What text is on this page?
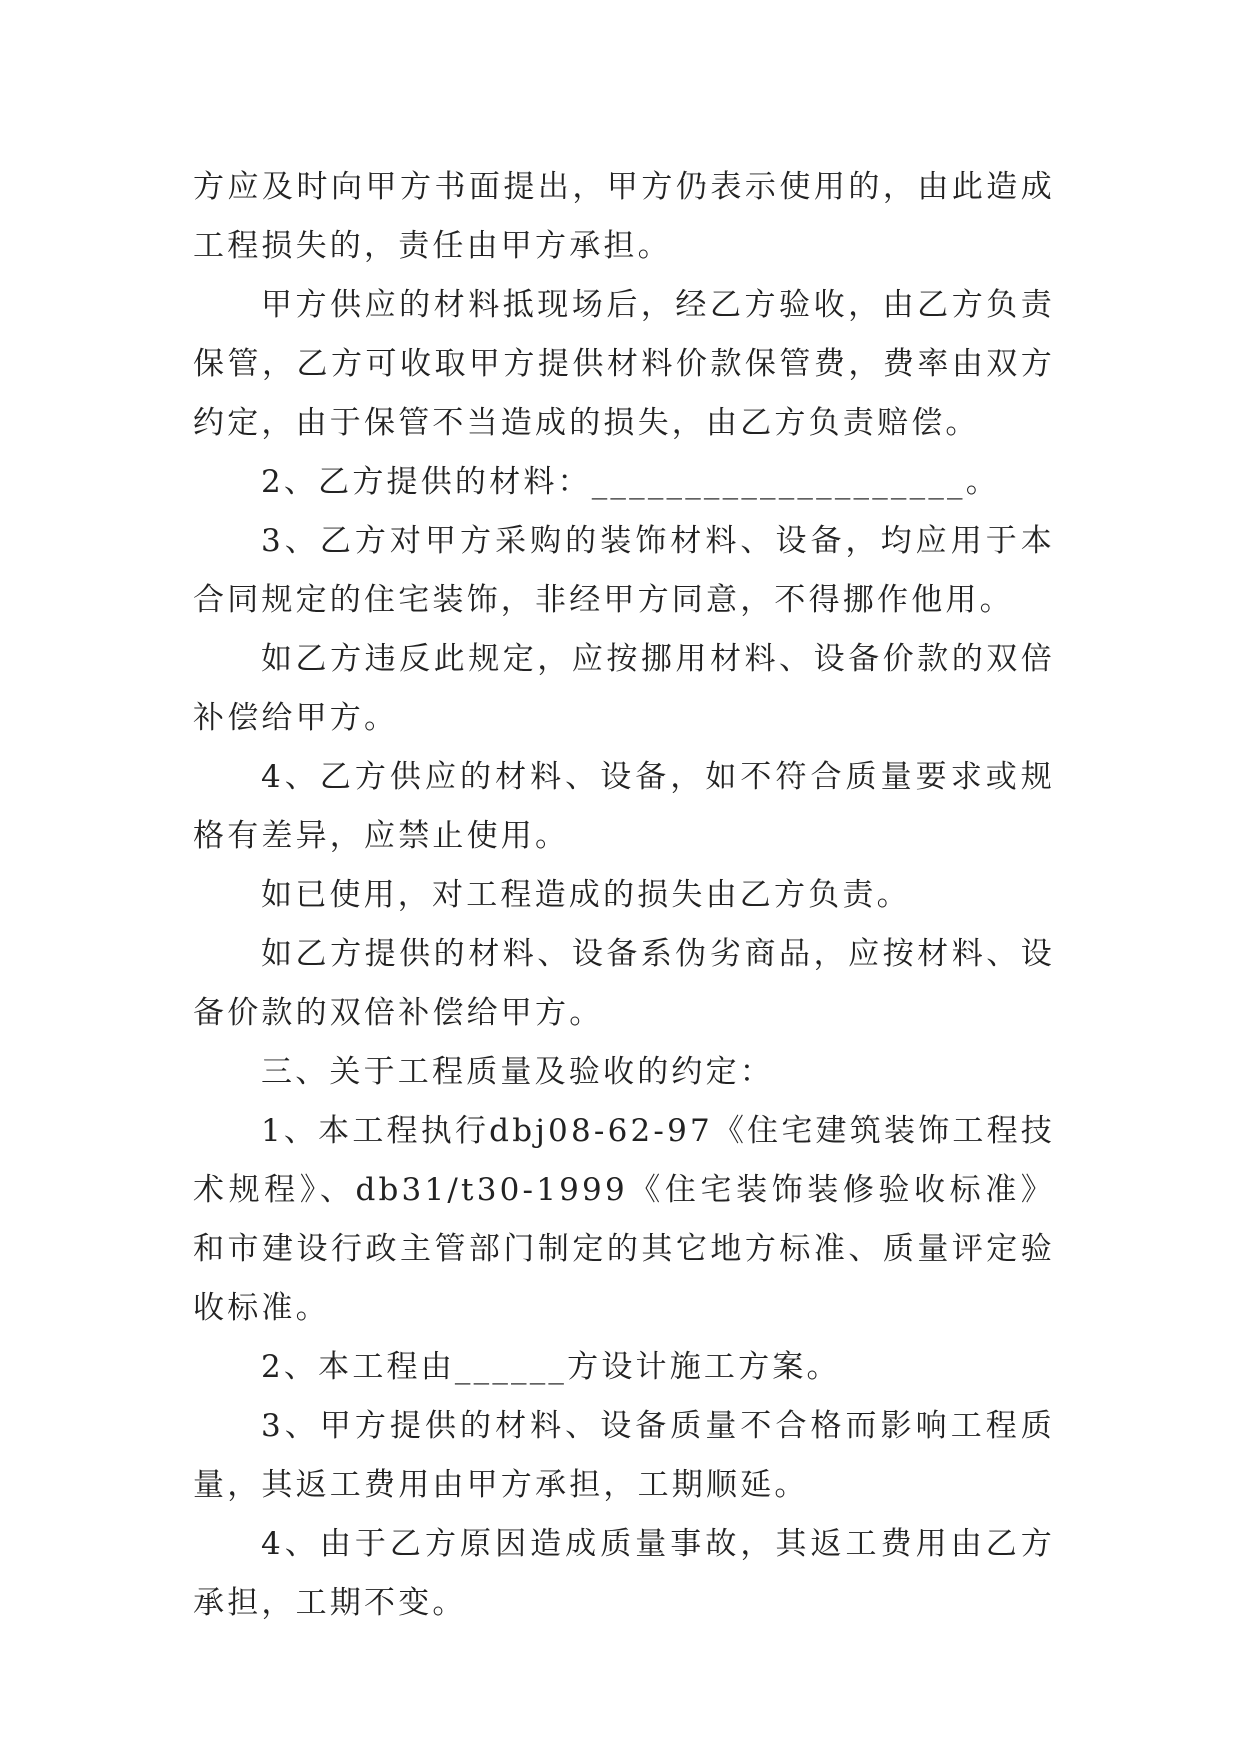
方应及时向甲方书面提出，甲方仍表示使用的，由此造成工程损失的，责任由甲方承担。

甲方供应的材料抵现场后，经乙方验收，由乙方负责保管，乙方可收取甲方提供材料价款保管费，费率由双方约定，由于保管不当造成的损失，由乙方负责赔偿。

2、乙方提供的材料：____________________。

3、乙方对甲方采购的装饰材料、设备，均应用于本合同规定的住宅装饰，非经甲方同意，不得挪作他用。

如乙方违反此规定，应按挪用材料、设备价款的双倍补偿给甲方。

4、乙方供应的材料、设备，如不符合质量要求或规格有差异，应禁止使用。

如已使用，对工程造成的损失由乙方负责。

如乙方提供的材料、设备系伪劣商品，应按材料、设备价款的双倍补偿给甲方。

三、关于工程质量及验收的约定：

1、本工程执行dbj08-62-97《住宅建筑装饰工程技术规程》、db31/t30-1999《住宅装饰装修验收标准》和市建设行政主管部门制定的其它地方标准、质量评定验收标准。

2、本工程由______方设计施工方案。

3、甲方提供的材料、设备质量不合格而影响工程质量，其返工费用由甲方承担，工期顺延。

4、由于乙方原因造成质量事故，其返工费用由乙方承担，工期不变。
